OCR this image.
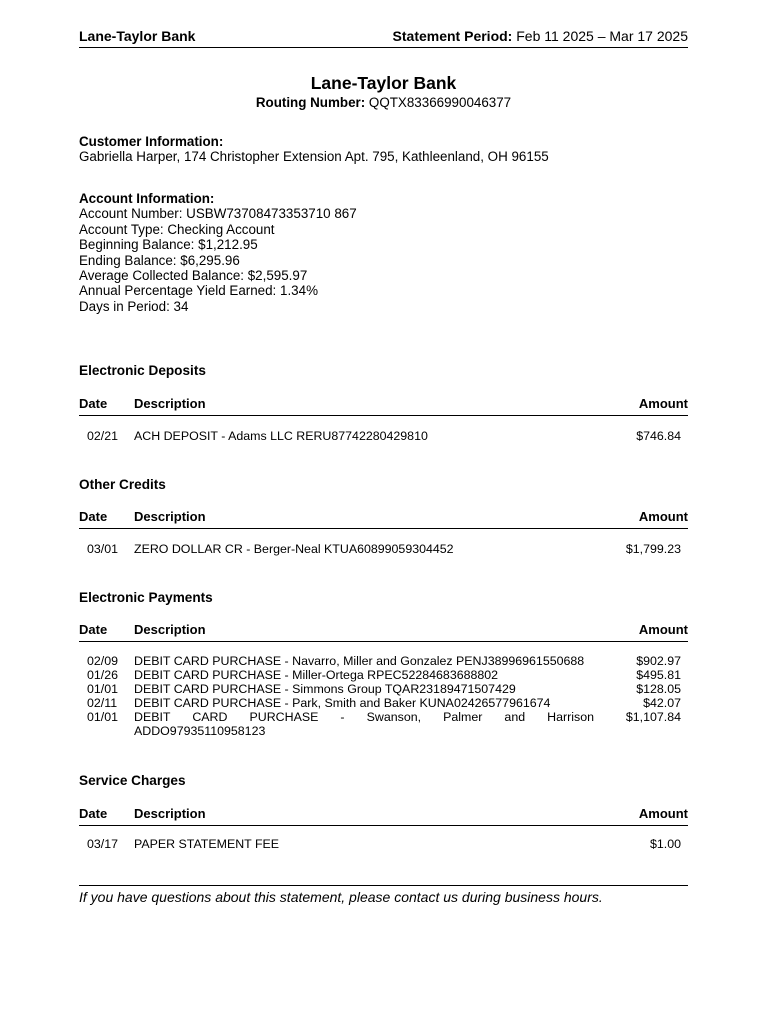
Lane-Taylor Bank	Statement Period: Feb 11 2025 – Mar 17 2025
Lane-Taylor Bank
Routing Number: QQTX83366990046377
Customer Information:
Gabriella Harper, 174 Christopher Extension Apt. 795, Kathleenland, OH 96155
Account Information:
Account Number: USBW73708473353710 867
Account Type: Checking Account
Beginning Balance: $1,212.95
Ending Balance: $6,295.96
Average Collected Balance: $2,595.97
Annual Percentage Yield Earned: 1.34%
Days in Period: 34
Electronic Deposits
Date	Description	Amount

02/21	ACH DEPOSIT - Adams LLC RERU87742280429810	$746.84
Other Credits
Date	Description	Amount

03/01	ZERO DOLLAR CR - Berger-Neal KTUA60899059304452	$1,799.23
Electronic Payments
Date	Description	Amount

02/09	DEBIT CARD PURCHASE - Navarro, Miller and Gonzalez PENJ38996961550688	$902.97
01/26	DEBIT CARD PURCHASE - Miller-Ortega RPEC52284683688802	$495.81
01/01	DEBIT CARD PURCHASE - Simmons Group TQAR23189471507429	$128.05
02/11	DEBIT CARD PURCHASE - Park, Smith and Baker KUNA02426577961674	$42.07
01/01	DEBIT CARD PURCHASE - Swanson, Palmer and Harrison ADDO97935110958123	$1,107.84
Service Charges
Date	Description	Amount

03/17	PAPER STATEMENT FEE	$1.00
If you have questions about this statement, please contact us during business hours.
